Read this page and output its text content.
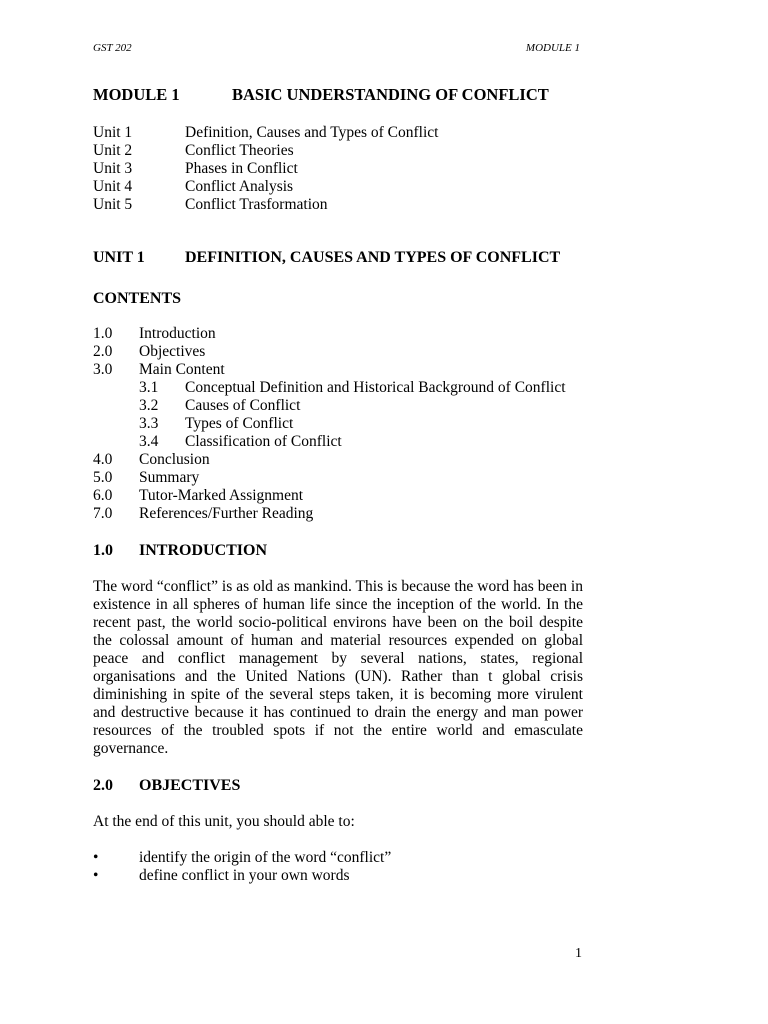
GST 202	MODULE 1
MODULE 1	BASIC UNDERSTANDING OF CONFLICT
Unit 1	Definition, Causes and Types of Conflict
Unit 2	Conflict Theories
Unit 3	Phases in Conflict
Unit 4	Conflict Analysis
Unit 5	Conflict Trasformation
UNIT 1	DEFINITION, CAUSES AND TYPES OF CONFLICT
CONTENTS
1.0	Introduction
2.0	Objectives
3.0	Main Content
3.1	Conceptual Definition and Historical Background of Conflict
3.2	Causes of Conflict
3.3	Types of Conflict
3.4	Classification of Conflict
4.0	Conclusion
5.0	Summary
6.0	Tutor-Marked Assignment
7.0	References/Further Reading
1.0	INTRODUCTION

The word “conflict” is as old as mankind. This is because the word has been in existence in all spheres of human life since the inception of the world. In the recent past, the world socio-political environs have been on the boil despite the colossal amount of human and material resources expended on global peace and conflict management by several nations, states, regional organisations and the United Nations (UN). Rather than t global crisis diminishing in spite of the several steps taken, it is becoming more virulent and destructive because it has continued to drain the energy and man power resources of the troubled spots if not the entire world and emasculate governance.

2.0	OBJECTIVES

At the end of this unit, you should able to:

•	identify the origin of the word “conflict”
•	define conflict in your own words
1
